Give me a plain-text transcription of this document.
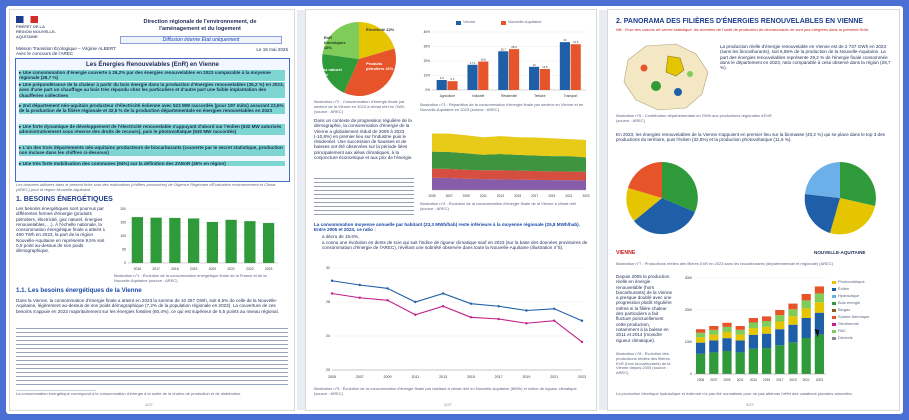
PRÉFET DE LA RÉGION NOUVELLE-AQUITAINE
Direction régionale de l'environnement, de l'aménagement et du logement
Diffusion interne État uniquement
Mission Transition Écologique – Virginie ALBERT
Avec le concours de l'AREC
Le 15 mai 2025
Les Énergies Renouvelables (EnR) en Vienne
▸ Une consommation d'énergie couverte à 29,2% par des énergies renouvelables en 2023 comparable à la moyenne régionale (28,7 %)
▸ Une prépondérance de la chaleur à partir du bois énergie dans la production d'énergies renouvelables (35,2 %) en 2023, avec d'une part un chauffage au bois très répandu chez les particuliers et d'autre part une faible implantation des chaufferies collectives
▸ 2nd département néo-aquitain producteur d'électricité éolienne avec 523 MW raccordés (pour 197 mâts) assurant 23,6% de la production de la filière régionale et 32,5 % de la production départementale en énergies renouvelables en 2023
▸ Une forte dynamique de développement de l'électricité renouvelable s'appuyant d'abord sur l'éolien (632 MW autorisés administrativement sous réserve des droits de recours), puis le photovoltaïque (530 MW raccordés)
▸ L'un des trois départements néo-aquitains producteurs de biocarburants (couverte par le secret statistique, production non incluse dans les chiffres ci-dessous)
▸ Une très forte mobilisation des communes (94%) sur la définition des ZAEnR (46% en région)
Les données utilisées dans le présent fiche sont des estimations (chiffres provisoires) de l'Agence Régionale d'Évaluation environnement et Climat (AREC) pour la région Nouvelle-Aquitaine.
1. BESOINS ÉNERGÉTIQUES
Les besoins énergétiques sont pourvus par différentes formes d'énergie (produits pétroliers, électricité, gaz naturel, énergies renouvelables, ...). À l'échelle nationale, la consommation énergétique finale a atteint 1 490 TWh en 2023, la part de la région Nouvelle-Aquitaine en représente 9,5% soit 0,5 point au-dessus de son poids démographique.
0
50
100
150
200
2016	2017	2018	2019	2020	2021	2022	2023
Illustration n°1 : Évolution de la consommation énergétique finale de la France et de la Nouvelle-Aquitaine (source : AREC)
1.1. Les besoins énergétiques de la Vienne
Dans la Vienne, la consommation d'énergie finale a atteint en 2023 la somme de 10 257 GWh, soit 6,5% de celle de la Nouvelle-Aquitaine, légèrement au-dessus de son poids démographique (7,2% de la population régionale en 2023). La couverture de ces besoins s'appuie en 2023 majoritairement sur les énergies fossiles (60,4%), ce qui est supérieur de 5,5 points au niveau régional.
La consommation énergétique correspond à la consommation d'énergie à la sortie de la chaîne de production et de distribution.
1/27
Électricité 22%
Produits pétroliers 41%
Gaz naturel 19%
EnR thermiques 18%
Illustration n°2 : Consommation d'énergie finale par secteur de la Vienne en 2023 à climat réel en GWh (source : AREC)
Vienne	Nouvelle-Aquitaine
0%
10%
20%
30%
40%
6,9 6,1
Agriculture
17,4
19,6
Industrie
26,7
28,2
Résidentiel
16
14,5
Tertiaire
33
31,6
Transport
Illustration n°3 : Répartition de la consommation d'énergie finale par secteur en Vienne et en Nouvelle-Aquitaine en 2023 (source : AREC)
Dans un contexte de progression régulière de la démographie, la consommation d'énergie de la Vienne a globalement réduit de 2005 à 2023 (-10,8%) en premier lieu sur l'industrie puis le résidentiel. Une succession de hausses et de baisses ont été observées sur la période liées principalement aux aléas climatiques, à la conjoncture économique et aux prix de l'énergie.
2005	2007	2009	2011	2013	2015	2017	2019	2021	2023
Illustration n°4 : Évolution de la consommation d'énergie finale de la Vienne à climat réel (source : AREC)
La consommation moyenne annuelle par habitant (23,3 MWh/hab) reste inférieure à la moyenne régionale (25,8 MWh/hab). Entre 2005 et 2023, ce ratio :
a décru de 19,6%,
a connu une évolution en dents de scie qui suit l'indice de rigueur climatique sauf en 2023 (sur la base des données provisoires de consommation d'énergie de l'AREC), révélant une sobriété observée dans toute la Nouvelle-Aquitaine (illustration n°5).
20
24
28
32
2005	2007	2009	2011	2013	2015	2017	2019	2021	2023
Illustration n°5 : Évolution de la consommation d'énergie finale par habitant à climat réel en Nouvelle-Aquitaine (MWh) et indice de rigueur climatique (source : AREC)
2/27
2. PANORAMA DES FILIÈRES D'ÉNERGIES RENOUVELABLES EN VIENNE
NB : Pour des raisons de secret statistique, les données de l'unité de production de biocarburants ne sont pas intégrées dans la présente fiche.
La production réelle d'énergie renouvelable en Vienne est de 2 737 GWh en 2023 (sans les biocarburants), soit 6,55% de la production de la Nouvelle-Aquitaine. La part des énergies renouvelables représente 29,2 % de l'énergie finale consommée dans le département en 2023, ratio comparable à celui observé dans la région (28,7 %).
Illustration n°6 : Contribution départementale en GWh aux productions régionales d'EnR (source : AREC)
En 2023, les énergies renouvelables de la Vienne s'appuient en premier lieu sur la biomasse (40,2 %) qui se place dans le top 3 des productions du territoire, puis l'éolien (32,5%) et la production photovoltaïque (11,6 %).
VIENNE	NOUVELLE-AQUITAINE
Illustration n°7 : Productions réelles des filières EnR en 2023 sans les biocarburants (départementale et régionale) (AREC)
Depuis 2005 la production réelle en énergie renouvelable (hors biocarburants) de la Vienne a presque doublé avec une progression plutôt régulière même si la filière chaleur des particuliers a fait fluctuer ponctuellement cette production, notamment à la baisse en 2011 et 2014 (moindre rigueur climatique).
Illustration n°8 : Évolution des productions réelles des filières EnR (hors biocarburants) de la Vienne depuis 2005 (source : AREC)	0
1000
2000
3000
2005 2007 2009 2011 2013 2015 2017 2019 2021 2023
Photovoltaïque
Éolien
Hydraulique
Bois énergie
Biogaz
Solaire thermique
Géothermie
PAC
Déchets
La production électrique hydraulique et éolienne n'a pas été normalisée pour ne pas atténuer l'effet des variations pluviales annuelles.
3/27
